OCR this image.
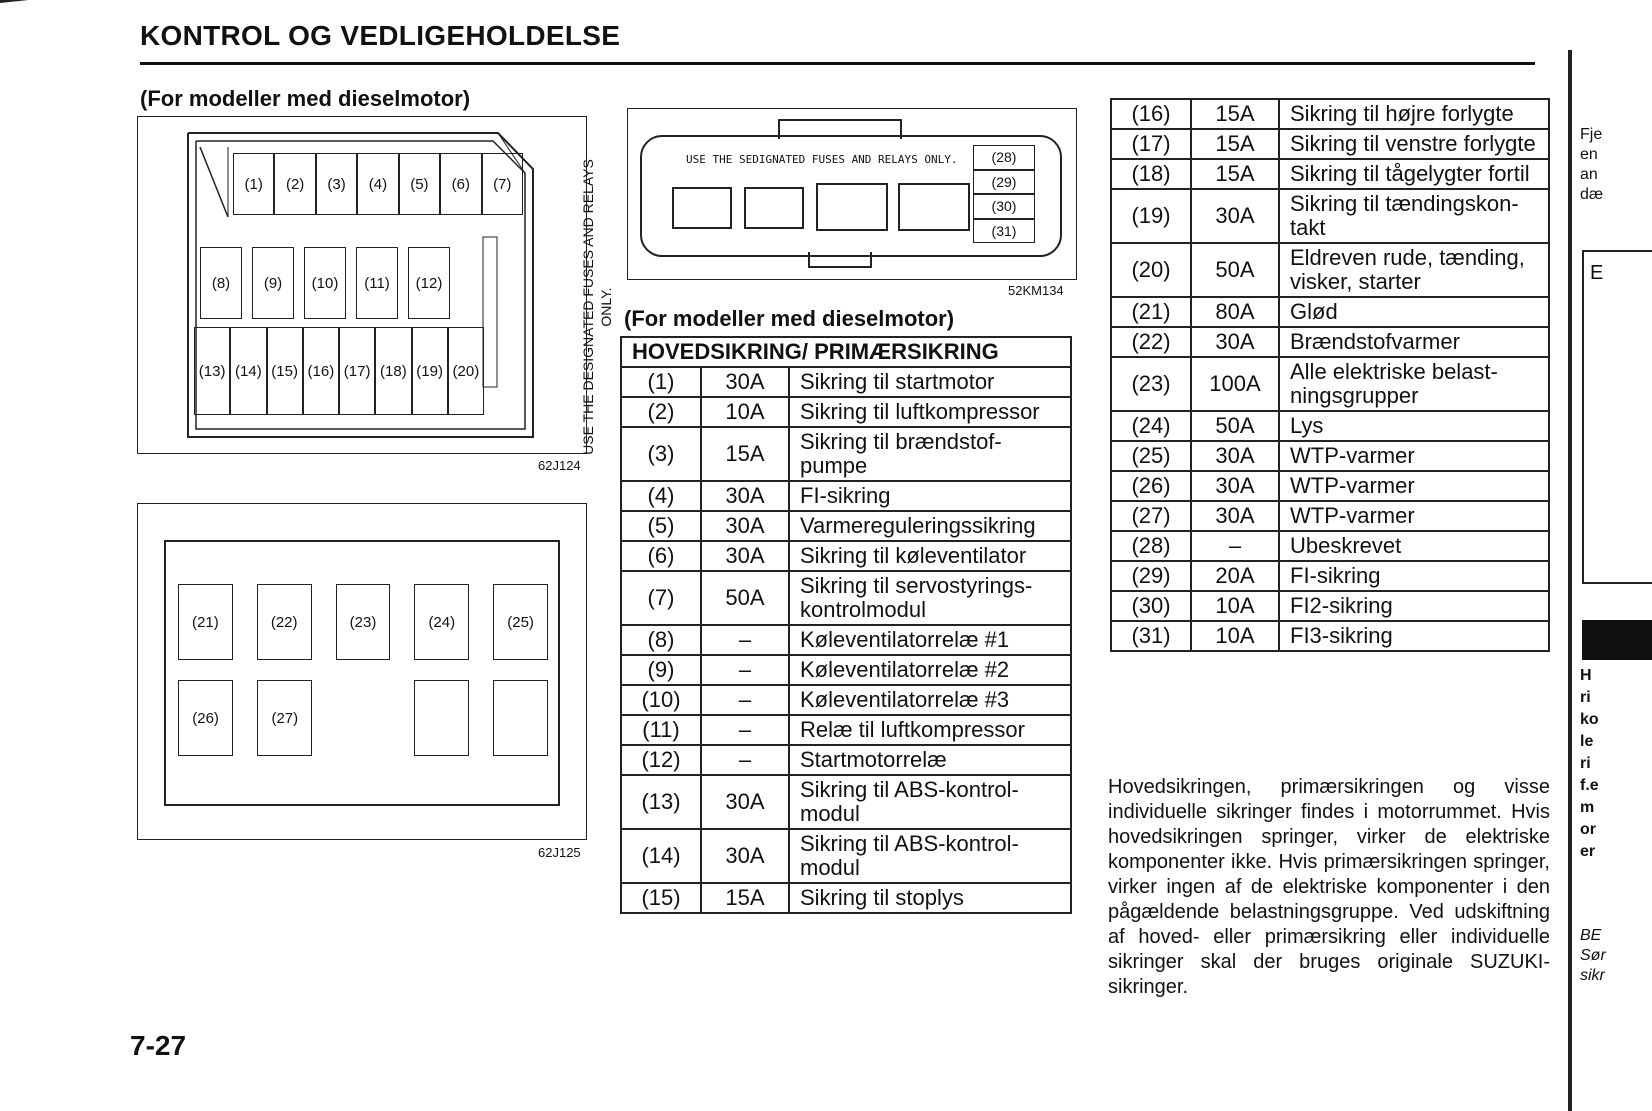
KONTROL OG VEDLIGEHOLDELSE
(For modeller med dieselmotor)
(1)	(2)	(3)	(4)	(5)	(6)	(7)
(8)	(9)	(10)	(11)	(12)
(13) (14) (15) (16) (17) (18) (19) (20)	USE THE DESIGNATED FUSES AND RELAYS ONLY.
62J124
(21)	(22)	(23)	(24)	(25)
(26)	(27)
62J125
USE THE SEDIGNATED FUSES AND RELAYS ONLY.	(28)
(29)
(30)
(31)
52KM134
(For modeller med dieselmotor)
HOVEDSIKRING/ PRIMÆRSIKRING		
(1)	30A	Sikring til startmotor
(2)	10A	Sikring til luftkompressor
(3)	15A	Sikring til brændstof-
pumpe
(4)	30A	FI-sikring
(5)	30A	Varmereguleringssikring
(6)	30A	Sikring til køleventilator
(7)	50A	Sikring til servostyrings-
kontrolmodul
(8)	–	Køleventilatorrelæ #1
(9)	–	Køleventilatorrelæ #2
(10)	–	Køleventilatorrelæ #3
(11)	–	Relæ til luftkompressor
(12)	–	Startmotorrelæ
(13)	30A	Sikring til ABS-kontrol-
modul
(14)	30A	Sikring til ABS-kontrol-
modul
(15)	15A	Sikring til stoplys
(16)	15A	Sikring til højre forlygte
(17)	15A	Sikring til venstre forlygte
(18)	15A	Sikring til tågelygter fortil
(19)	30A	Sikring til tændingskon-
takt
(20)	50A	Eldreven rude, tænding,
visker, starter
(21)	80A	Glød
(22)	30A	Brændstofvarmer
(23)	100A	Alle elektriske belast-
ningsgrupper
(24)	50A	Lys
(25)	30A	WTP-varmer
(26)	30A	WTP-varmer
(27)	30A	WTP-varmer
(28)	–	Ubeskrevet
(29)	20A	FI-sikring
(30)	10A	FI2-sikring
(31)	10A	FI3-sikring
Hovedsikringen, primærsikringen og visse individuelle sikringer findes i motorrummet. Hvis hovedsikringen springer, virker de elektriske komponenter ikke. Hvis primærsikringen springer, virker ingen af de elektriske komponenter i den pågældende belastningsgruppe. Ved udskiftning af hoved- eller primærsikring eller individuelle sikringer skal der bruges originale SUZUKI-sikringer.
7-27
Fje
en
an
dæ
E
H
ri
ko
le
ri
f.e
m
or
er
BE
Sør
sikr
